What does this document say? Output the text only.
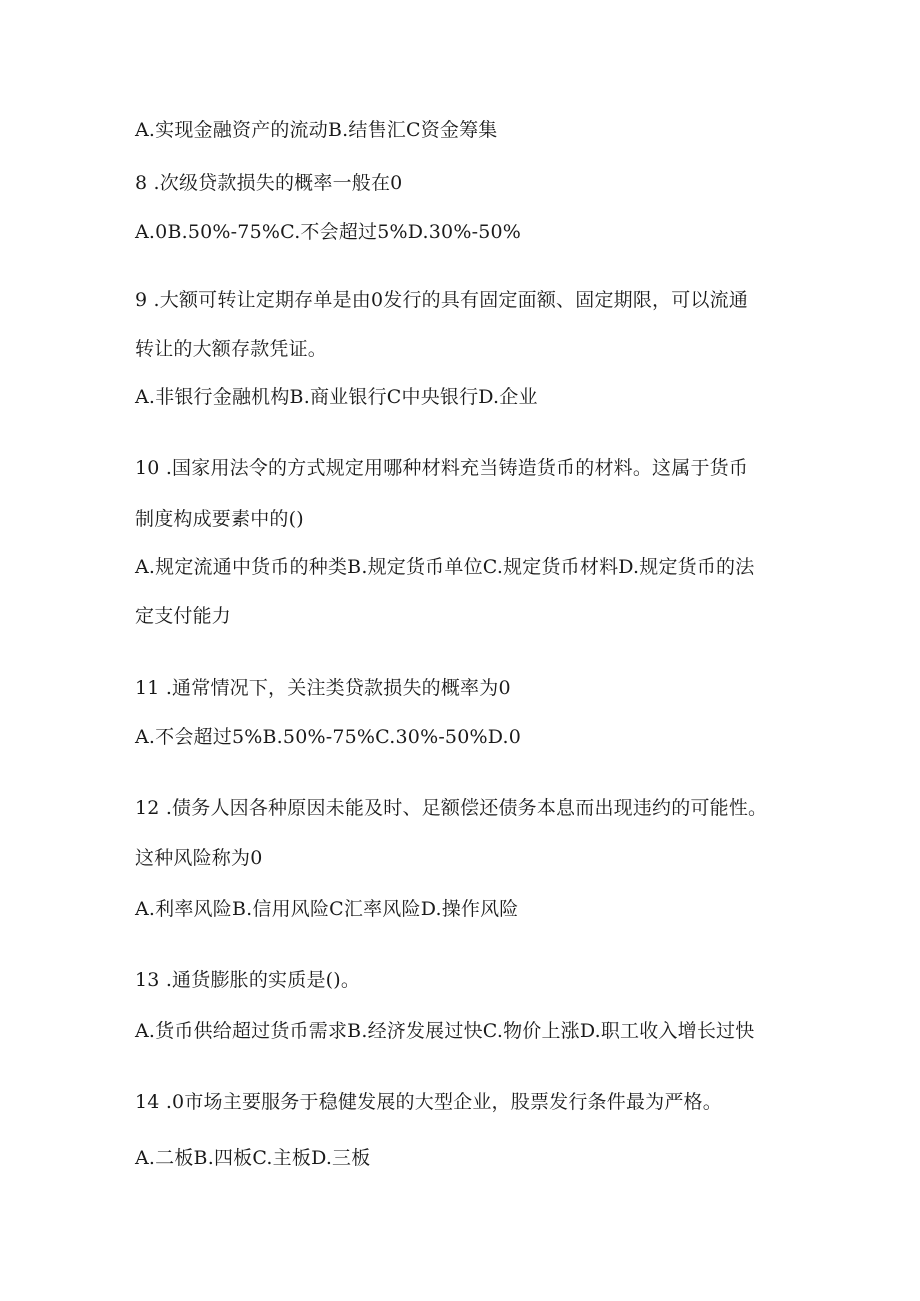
A.实现金融资产的流动B.结售汇C资金筹集
8 .次级贷款损失的概率一般在0
A.0B.50%-75%C.不会超过5%D.30%-50%
9 .大额可转让定期存单是由0发行的具有固定面额、固定期限，可以流通
转让的大额存款凭证。
A.非银行金融机构B.商业银行C中央银行D.企业
10 .国家用法令的方式规定用哪种材料充当铸造货币的材料。这属于货币
制度构成要素中的()
A.规定流通中货币的种类B.规定货币单位C.规定货币材料D.规定货币的法
定支付能力
11 .通常情况下，关注类贷款损失的概率为0
A.不会超过5%B.50%-75%C.30%-50%D.0
12 .债务人因各种原因未能及时、足额偿还债务本息而出现违约的可能性。
这种风险称为0
A.利率风险B.信用风险C汇率风险D.操作风险
13 .通货膨胀的实质是()。
A.货币供给超过货币需求B.经济发展过快C.物价上涨D.职工收入增长过快
14 .0市场主要服务于稳健发展的大型企业，股票发行条件最为严格。
A.二板B.四板C.主板D.三板
